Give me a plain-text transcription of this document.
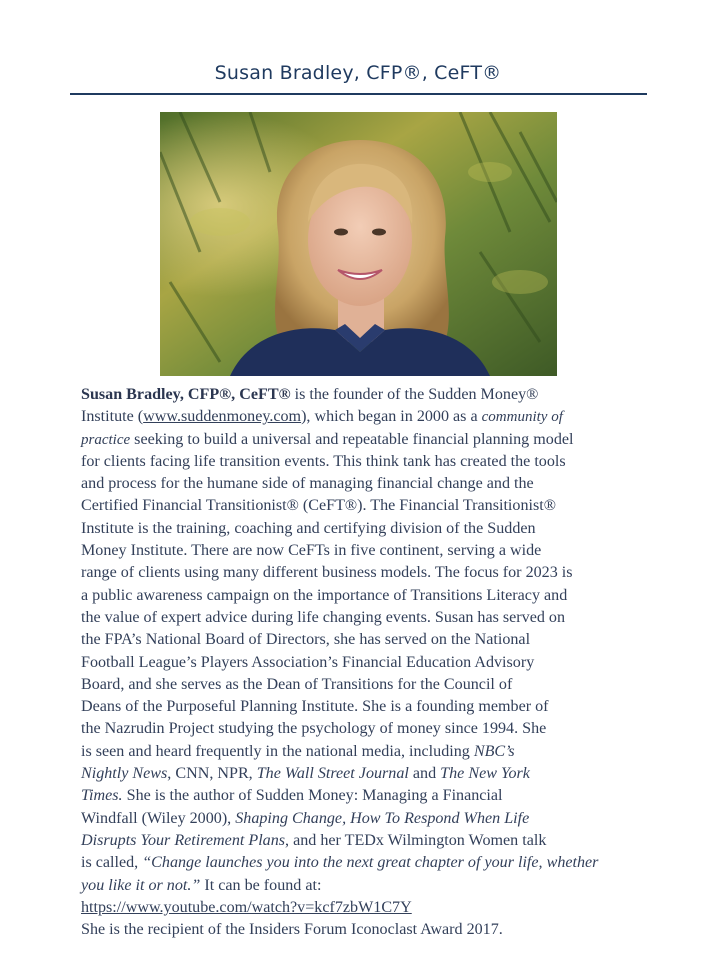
Susan Bradley, CFP®, CeFT®

Susan Bradley, CFP®, CeFT® is the founder of the Sudden Money®
Institute (www.suddenmoney.com), which began in 2000 as a community of
practice seeking to build a universal and repeatable financial planning model
for clients facing life transition events. This think tank has created the tools
and process for the humane side of managing financial change and the
Certified Financial Transitionist® (CeFT®). The Financial Transitionist®
Institute is the training, coaching and certifying division of the Sudden
Money Institute. There are now CeFTs in five continent, serving a wide
range of clients using many different business models. The focus for 2023 is
a public awareness campaign on the importance of Transitions Literacy and
the value of expert advice during life changing events. Susan has served on
the FPA’s National Board of Directors, she has served on the National
Football League’s Players Association’s Financial Education Advisory
Board, and she serves as the Dean of Transitions for the Council of
Deans of the Purposeful Planning Institute. She is a founding member of
the Nazrudin Project studying the psychology of money since 1994. She
is seen and heard frequently in the national media, including NBC’s
Nightly News, CNN, NPR, The Wall Street Journal and The New York
Times. She is the author of Sudden Money: Managing a Financial
Windfall (Wiley 2000), Shaping Change, How To Respond When Life
Disrupts Your Retirement Plans, and her TEDx Wilmington Women talk
is called, “Change launches you into the next great chapter of your life, whether
you like it or not.” It can be found at:
https://www.youtube.com/watch?v=kcf7zbW1C7Y
She is the recipient of the Insiders Forum Iconoclast Award 2017.
